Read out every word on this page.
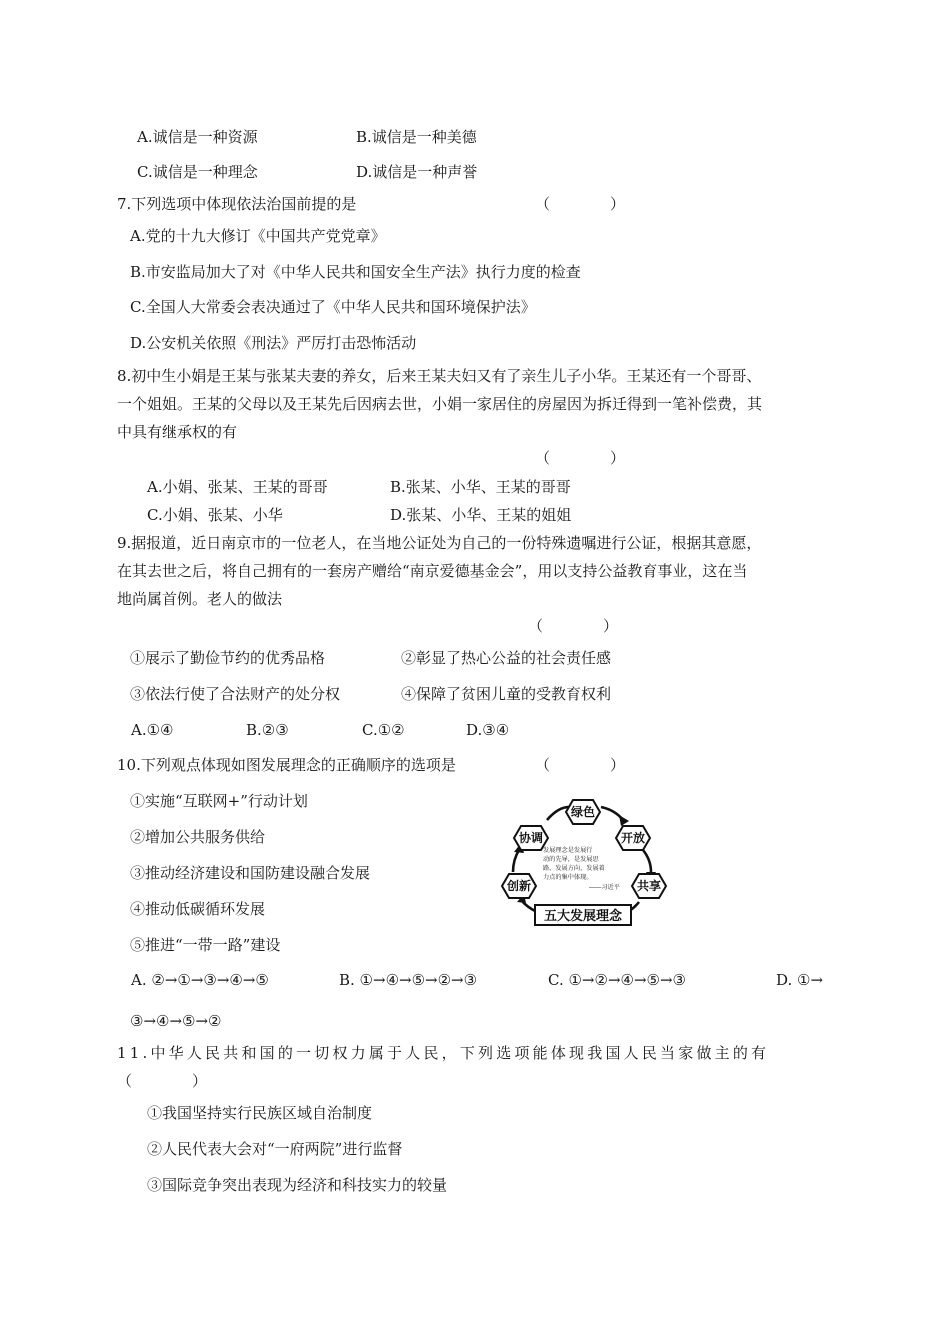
A.诚信是一种资源	B.诚信是一种美德
C.诚信是一种理念	D.诚信是一种声誉
7.下列选项中体现依法治国前提的是	（　　　　）
A.党的十九大修订《中国共产党党章》
B.市安监局加大了对《中华人民共和国安全生产法》执行力度的检查
C.全国人大常委会表决通过了《中华人民共和国环境保护法》
D.公安机关依照《刑法》严厉打击恐怖活动
8.初中生小娟是王某与张某夫妻的养女，后来王某夫妇又有了亲生儿子小华。王某还有一个哥哥、
一个姐姐。王某的父母以及王某先后因病去世，小娟一家居住的房屋因为拆迁得到一笔补偿费，其
中具有继承权的有
（　　　　）
A.小娟、张某、王某的哥哥	B.张某、小华、王某的哥哥
C.小娟、张某、小华	D.张某、小华、王某的姐姐
9.据报道，近日南京市的一位老人，在当地公证处为自己的一份特殊遗嘱进行公证，根据其意愿，
在其去世之后，将自己拥有的一套房产赠给“南京爱德基金会”，用以支持公益教育事业，这在当
地尚属首例。老人的做法
（　　　　）
①展示了勤俭节约的优秀品格	②彰显了热心公益的社会责任感
③依法行使了合法财产的处分权	④保障了贫困儿童的受教育权利
A.①④	B.②③	C.①②	D.③④
10.下列观点体现如图发展理念的正确顺序的选项是	（　　　　）
①实施“互联网+”行动计划
②增加公共服务供给
③推动经济建设和国防建设融合发展
④推动低碳循环发展
⑤推进“一带一路”建设
绿色
协调	开放
创新	共享
发展理念是发展行
动的先导，是发展思
路、发展方向、发展着
力点的集中体现。
——习近平
五大发展理念
A. ②→①→③→④→⑤	B. ①→④→⑤→②→③	C. ①→②→④→⑤→③	D. ①→
③→④→⑤→②
11.中华人民共和国的一切权力属于人民，下列选项能体现我国人民当家做主的有
（　　　　）
①我国坚持实行民族区域自治制度
②人民代表大会对“一府两院”进行监督
③国际竞争突出表现为经济和科技实力的较量
